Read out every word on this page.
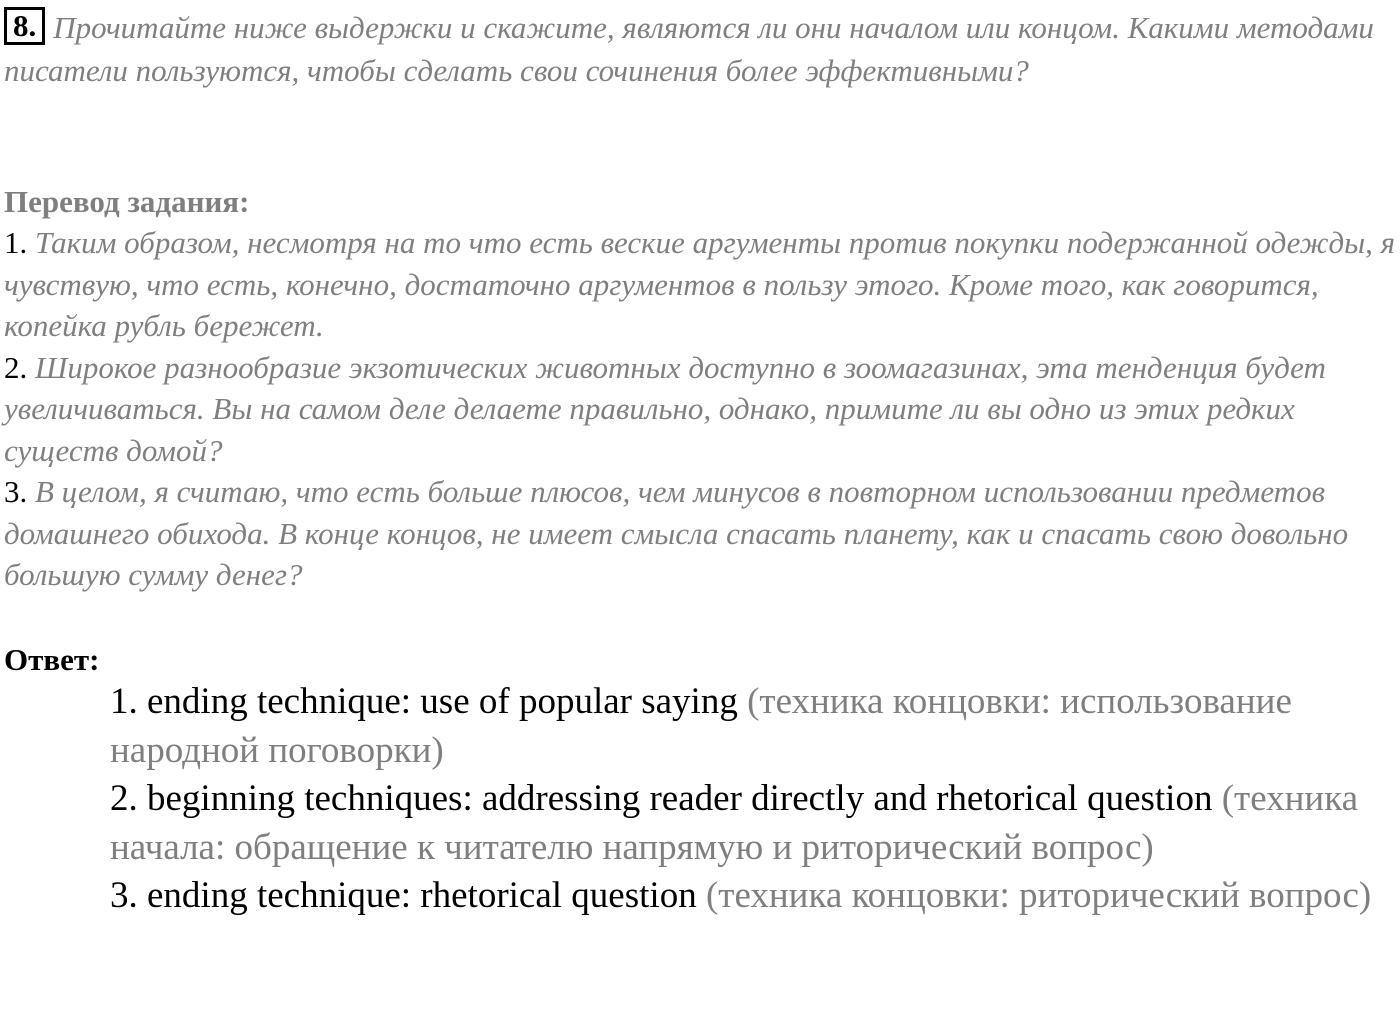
8. Прочитайте ниже выдержки и скажите, являются ли они началом или концом. Какими методами писатели пользуются, чтобы сделать свои сочинения более эффективными?
Перевод задания:
1. Таким образом, несмотря на то что есть веские аргументы против покупки подержанной одежды, я чувствую, что есть, конечно, достаточно аргументов в пользу этого. Кроме того, как говорится, копейка рубль бережет.
2. Широкое разнообразие экзотических животных доступно в зоомагазинах, эта тенденция будет увеличиваться. Вы на самом деле делаете правильно, однако, примите ли вы одно из этих редких существ домой?
3. В целом, я считаю, что есть больше плюсов, чем минусов в повторном использовании предметов домашнего обихода. В конце концов, не имеет смысла спасать планету, как и спасать свою довольно большую сумму денег?
Ответ:
1. ending technique: use of popular saying (техника концовки: использование народной поговорки)
2. beginning techniques: addressing reader directly and rhetorical question (техника начала: обращение к читателю напрямую и риторический вопрос)
3. ending technique: rhetorical question (техника концовки: риторический вопрос)
